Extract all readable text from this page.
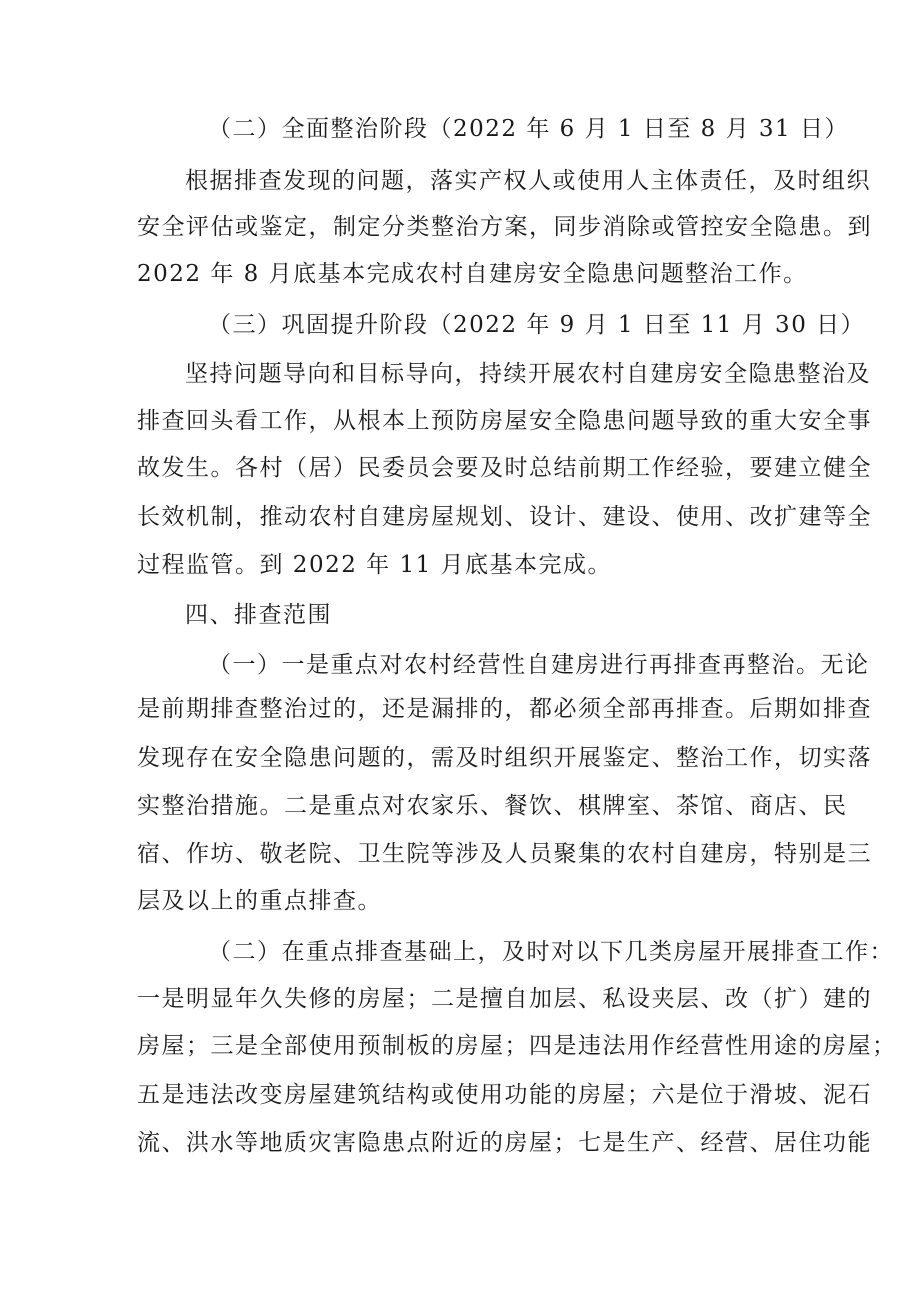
（二）全面整治阶段（2022 年 6 月 1 日至 8 月 31 日）
根据排查发现的问题，落实产权人或使用人主体责任，及时组织
安全评估或鉴定，制定分类整治方案，同步消除或管控安全隐患。到
2022 年 8 月底基本完成农村自建房安全隐患问题整治工作。
（三）巩固提升阶段（2022 年 9 月 1 日至 11 月 30 日）
坚持问题导向和目标导向，持续开展农村自建房安全隐患整治及
排查回头看工作，从根本上预防房屋安全隐患问题导致的重大安全事
故发生。各村（居）民委员会要及时总结前期工作经验，要建立健全
长效机制，推动农村自建房屋规划、设计、建设、使用、改扩建等全
过程监管。到 2022 年 11 月底基本完成。
四、排查范围
（一）一是重点对农村经营性自建房进行再排查再整治。无论
是前期排查整治过的，还是漏排的，都必须全部再排查。后期如排查
发现存在安全隐患问题的，需及时组织开展鉴定、整治工作，切实落
实整治措施。二是重点对农家乐、餐饮、棋牌室、茶馆、商店、民
宿、作坊、敬老院、卫生院等涉及人员聚集的农村自建房，特别是三
层及以上的重点排查。
（二）在重点排查基础上，及时对以下几类房屋开展排查工作：
一是明显年久失修的房屋；二是擅自加层、私设夹层、改（扩）建的
房屋；三是全部使用预制板的房屋；四是违法用作经营性用途的房屋；
五是违法改变房屋建筑结构或使用功能的房屋；六是位于滑坡、泥石
流、洪水等地质灾害隐患点附近的房屋；七是生产、经营、居住功能
